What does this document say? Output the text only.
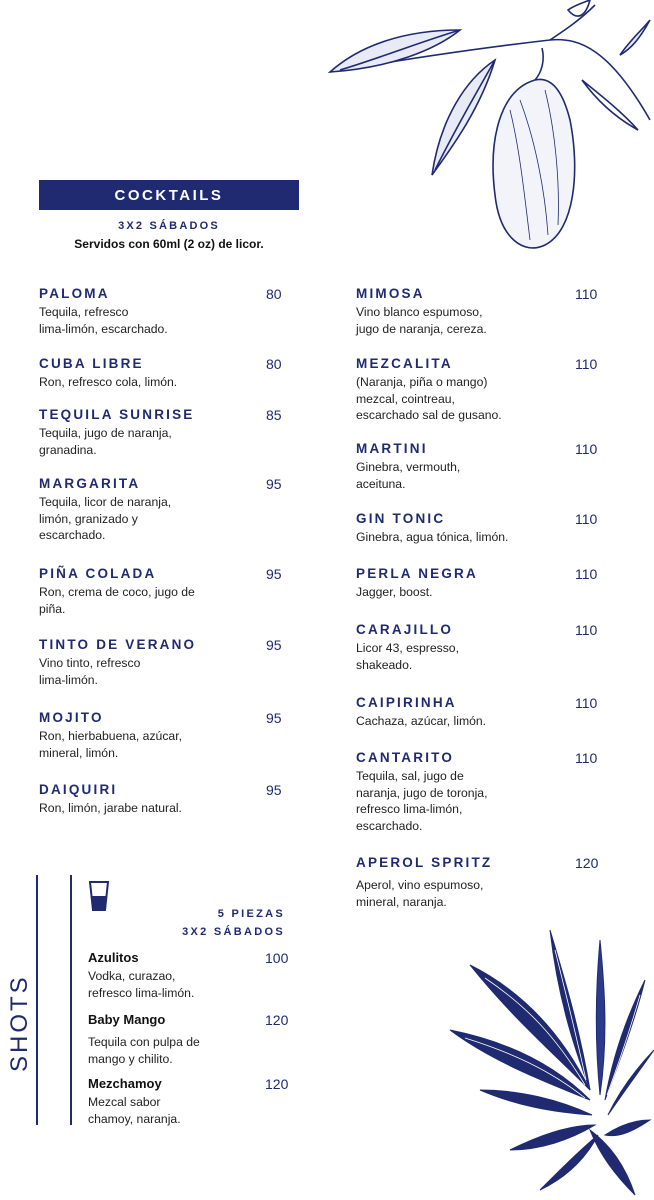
COCKTAILS
3X2 SÁBADOS
Servidos con 60ml (2 oz) de licor.
PALOMA	80
Tequila, refresco
lima-limón, escarchado.
CUBA LIBRE	80
Ron, refresco cola, limón.
TEQUILA SUNRISE	85
Tequila, jugo de naranja,
granadina.
MARGARITA	95
Tequila, licor de naranja,
limón, granizado y
escarchado.
PIÑA COLADA	95
Ron, crema de coco, jugo de
piña.
TINTO DE VERANO	95
Vino tinto, refresco
lima-limón.
MOJITO	95
Ron, hierbabuena, azúcar,
mineral, limón.
DAIQUIRI	95
Ron, limón, jarabe natural.
MIMOSA	110
Vino blanco espumoso,
jugo de naranja, cereza.
MEZCALITA	110
(Naranja, piña o mango)
mezcal, cointreau,
escarchado sal de gusano.
MARTINI	110
Ginebra, vermouth,
aceituna.
GIN TONIC	110
Ginebra, agua tónica, limón.
PERLA NEGRA	110
Jagger, boost.
CARAJILLO	110
Licor 43, espresso,
shakeado.
CAIPIRINHA	110
Cachaza, azúcar, limón.
CANTARITO	110
Tequila, sal, jugo de
naranja, jugo de toronja,
refresco lima-limón,
escarchado.
APEROL SPRITZ	120
Aperol, vino espumoso,
mineral, naranja.
SHOTS
5 PIEZAS
3X2 SÁBADOS
Azulitos	100
Vodka, curazao,
refresco lima-limón.
Baby Mango	120
Tequila con pulpa de
mango y chilito.
Mezchamoy	120
Mezcal sabor
chamoy, naranja.
